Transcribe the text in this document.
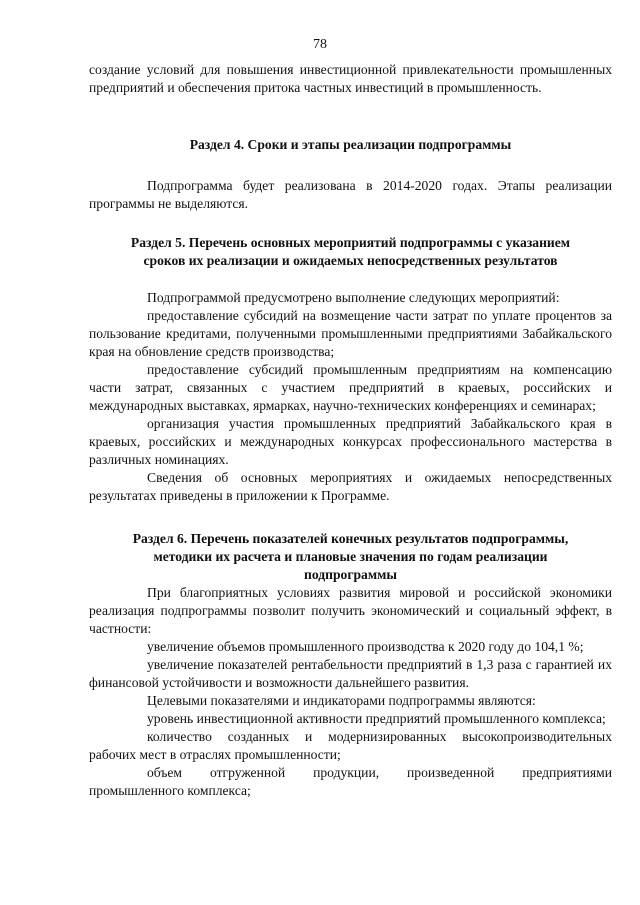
78

создание условий для повышения инвестиционной привлекательности промышленных предприятий и обеспечения притока частных инвестиций в промышленность.

Раздел 4. Сроки и этапы реализации подпрограммы

Подпрограмма будет реализована в 2014-2020 годах. Этапы реализации программы не выделяются.

Раздел 5. Перечень основных мероприятий подпрограммы с указанием
сроков их реализации и ожидаемых непосредственных результатов

Подпрограммой предусмотрено выполнение следующих мероприятий:

предоставление субсидий на возмещение части затрат по уплате процентов за пользование кредитами, полученными промышленными предприятиями Забайкальского края на обновление средств производства;

предоставление субсидий промышленным предприятиям на компенсацию части затрат, связанных с участием предприятий в краевых, российских и международных выставках, ярмарках, научно-технических конференциях и семинарах;

организация участия промышленных предприятий Забайкальского края в краевых, российских и международных конкурсах профессионального мастерства в различных номинациях.

Сведения об основных мероприятиях и ожидаемых непосредственных результатах приведены в приложении к Программе.

Раздел 6. Перечень показателей конечных результатов подпрограммы,
методики их расчета и плановые значения по годам реализации
подпрограммы

При благоприятных условиях развития мировой и российской экономики реализация подпрограммы позволит получить экономический и социальный эффект, в частности:

увеличение объемов промышленного производства к 2020 году до 104,1 %;

увеличение показателей рентабельности предприятий в 1,3 раза с гарантией их финансовой устойчивости и возможности дальнейшего развития.

Целевыми показателями и индикаторами подпрограммы являются:

уровень инвестиционной активности предприятий промышленного комплекса;

количество созданных и модернизированных высокопроизводительных рабочих мест в отраслях промышленности;

объем отгруженной продукции, произведенной предприятиями промышленного комплекса;
